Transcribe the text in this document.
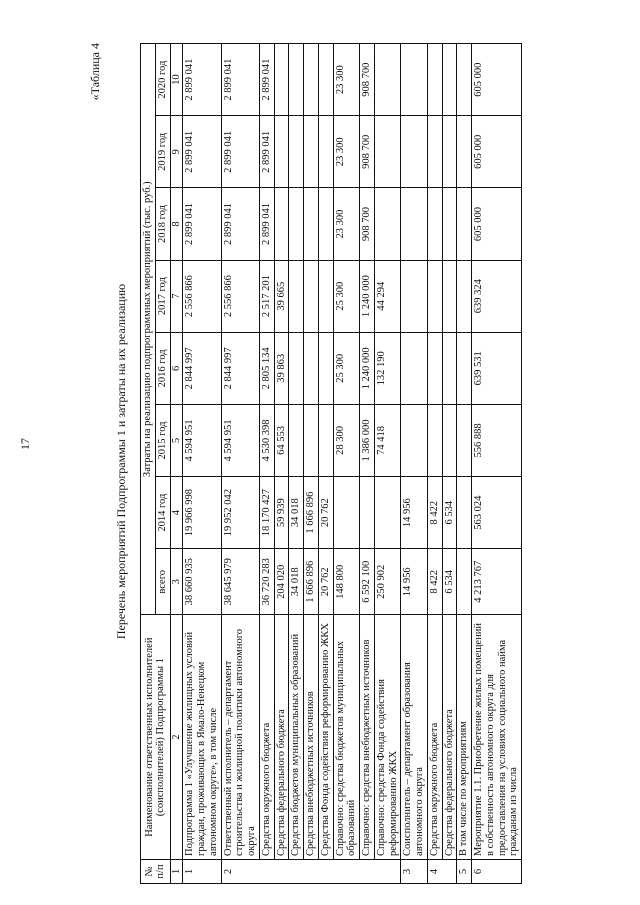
17
«Таблица 4
Перечень мероприятий Подпрограммы 1 и затраты на их реализацию
№ п/п	Наименование ответственных исполнителей (соисполнителей) Подпрограммы 1	Затраты на реализацию подпрограммных мероприятий (тыс. руб.)							
		всего	2014 год	2015 год	2016 год	2017 год	2018 год	2019 год	2020 год
1	2	3	4	5	6	7	8	9	10
1	Подпрограмма 1 «Улучшение жилищных условий граждан, проживающих в Ямало-Ненецком автономном округе», в том числе	38 660 935	19 966 998	4 594 951	2 844 997	2 556 866	2 899 041	2 899 041	2 899 041
2	Ответственный исполнитель – департамент строительства и жилищной политики автономного округа	38 645 979	19 952 042	4 594 951	2 844 997	2 556 866	2 899 041	2 899 041	2 899 041
	Средства окружного бюджета	36 720 283	18 170 427	4 530 398	2 805 134	2 517 201	2 899 041	2 899 041	2 899 041
	Средства федерального бюджета	204 020	59 939	64 553	39 863	39 665			
	Средства бюджетов муниципальных образований	34 018	34 018						
	Средства внебюджетных источников	1 666 896	1 666 896						
	Средства Фонда содействия реформированию ЖКХ	20 762	20 762						
	Справочно: средства бюджетов муниципальных образований	148 800		28 300	25 300	25 300	23 300	23 300	23 300
	Справочно: средства внебюджетных источников	6 592 100		1 386 000	1 240 000	1 240 000	908 700	908 700	908 700
	Справочно: средства Фонда содействия реформированию ЖКХ	250 902		74 418	132 190	44 294			
3	Соисполнитель – департамент образования автономного округа	14 956	14 956						
4	Средства окружного бюджета	8 422	8 422						
	Средства федерального бюджета	6 534	6 534						
5	В том числе по мероприятиям								
6	Мероприятие 1.1. Приобретение жилых помещений в собственность автономного округа для предоставления на условиях социального найма гражданам из числа	4 213 767	563 024	556 888	639 531	639 324	605 000	605 000	605 000
